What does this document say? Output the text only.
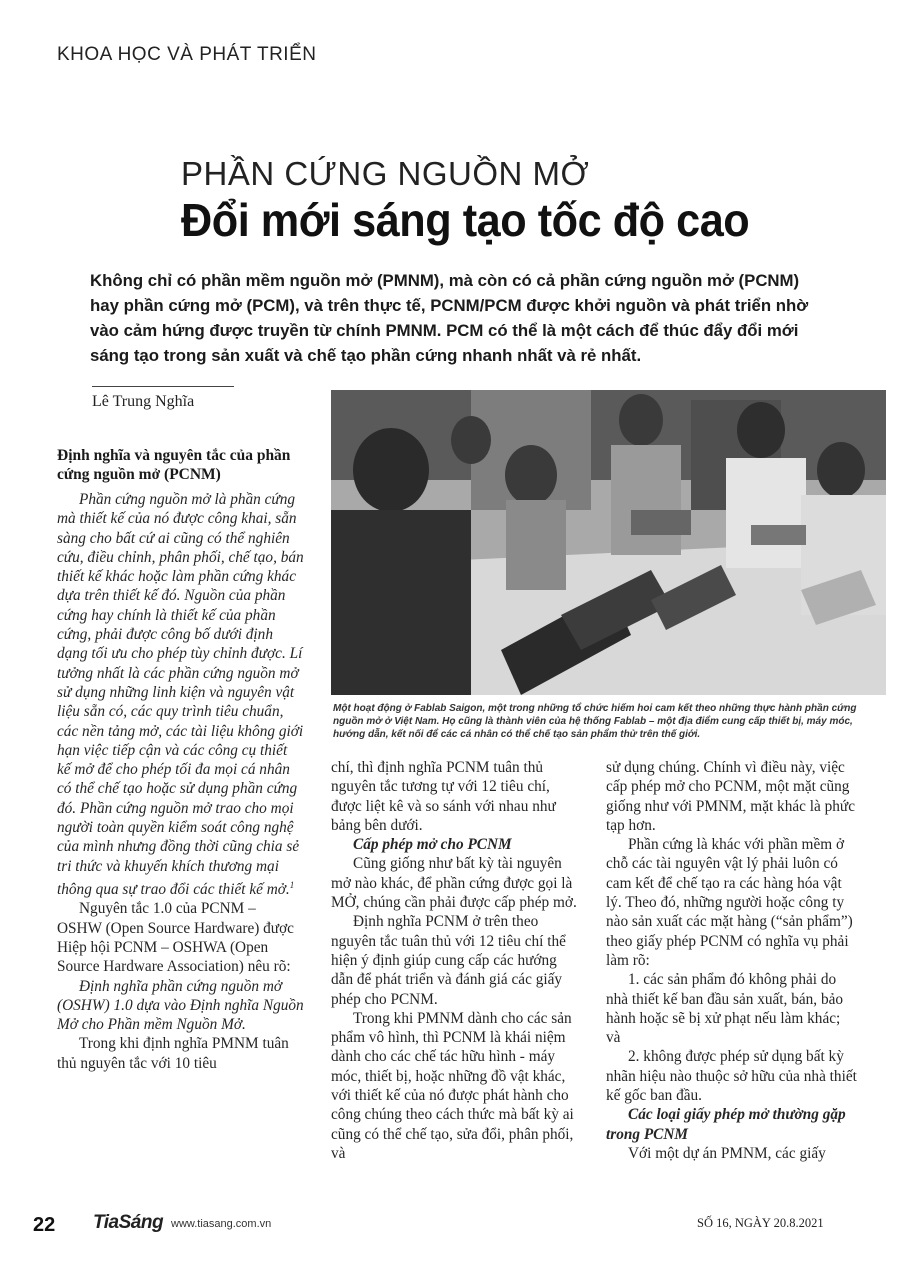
KHOA HỌC VÀ PHÁT TRIỂN
PHẦN CỨNG NGUỒN MỞ
Đổi mới sáng tạo tốc độ cao
Không chỉ có phần mềm nguồn mở (PMNM), mà còn có cả phần cứng nguồn mở (PCNM) hay phần cứng mở (PCM), và trên thực tế, PCNM/PCM được khởi nguồn và phát triển nhờ vào cảm hứng được truyền từ chính PMNM. PCM có thể là một cách để thúc đẩy đổi mới sáng tạo trong sản xuất và chế tạo phần cứng nhanh nhất và rẻ nhất.
Lê Trung Nghĩa
Một hoạt động ở Fablab Saigon, một trong những tổ chức hiếm hoi cam kết theo những thực hành phần cứng nguồn mở ở Việt Nam. Họ cũng là thành viên của hệ thống Fablab – một địa điểm cung cấp thiết bị, máy móc, hướng dẫn, kết nối để các cá nhân có thể chế tạo sản phẩm thử trên thế giới.
Định nghĩa và nguyên tắc của phần cứng nguồn mở (PCNM)

Phần cứng nguồn mở là phần cứng mà thiết kế của nó được công khai, sẵn sàng cho bất cứ ai cũng có thể nghiên cứu, điều chỉnh, phân phối, chế tạo, bán thiết kế khác hoặc làm phần cứng khác dựa trên thiết kế đó. Nguồn của phần cứng hay chính là thiết kế của phần cứng, phải được công bố dưới định dạng tối ưu cho phép tùy chỉnh được. Lí tưởng nhất là các phần cứng nguồn mở sử dụng những linh kiện và nguyên vật liệu sẵn có, các quy trình tiêu chuẩn, các nền tảng mở, các tài liệu không giới hạn việc tiếp cận và các công cụ thiết kế mở để cho phép tối đa mọi cá nhân có thể chế tạo hoặc sử dụng phần cứng đó. Phần cứng nguồn mở trao cho mọi người toàn quyền kiểm soát công nghệ của mình nhưng đồng thời cũng chia sẻ tri thức và khuyến khích thương mại thông qua sự trao đổi các thiết kế mở.$^1$

Nguyên tắc 1.0 của PCNM – OSHW (Open Source Hardware) được Hiệp hội PCNM – OSHWA (Open Source Hardware Association) nêu rõ:

Định nghĩa phần cứng nguồn mở (OSHW) 1.0 dựa vào Định nghĩa Nguồn Mở cho Phần mềm Nguồn Mở.

Trong khi định nghĩa PMNM tuân thủ nguyên tắc với 10 tiêu

chí, thì định nghĩa PCNM tuân thủ nguyên tắc tương tự với 12 tiêu chí, được liệt kê và so sánh với nhau như bảng bên dưới.

Cấp phép mở cho PCNM

Cũng giống như bất kỳ tài nguyên mở nào khác, để phần cứng được gọi là MỞ, chúng cần phải được cấp phép mở.

Định nghĩa PCNM ở trên theo nguyên tắc tuân thủ với 12 tiêu chí thể hiện ý định giúp cung cấp các hướng dẫn để phát triển và đánh giá các giấy phép cho PCNM.

Trong khi PMNM dành cho các sản phẩm vô hình, thì PCNM là khái niệm dành cho các chế tác hữu hình - máy móc, thiết bị, hoặc những đồ vật khác, với thiết kế của nó được phát hành cho công chúng theo cách thức mà bất kỳ ai cũng có thể chế tạo, sửa đổi, phân phối, và

sử dụng chúng. Chính vì điều này, việc cấp phép mở cho PCNM, một mặt cũng giống như với PMNM, mặt khác là phức tạp hơn.

Phần cứng là khác với phần mềm ở chỗ các tài nguyên vật lý phải luôn có cam kết để chế tạo ra các hàng hóa vật lý. Theo đó, những người hoặc công ty nào sản xuất các mặt hàng (“sản phẩm”) theo giấy phép PCNM có nghĩa vụ phải làm rõ:

1. các sản phẩm đó không phải do nhà thiết kế ban đầu sản xuất, bán, bảo hành hoặc sẽ bị xử phạt nếu làm khác; và

2. không được phép sử dụng bất kỳ nhãn hiệu nào thuộc sở hữu của nhà thiết kế gốc ban đầu.

Các loại giấy phép mở thường gặp trong PCNM

Với một dự án PMNM, các giấy

22 TiaSáng www.tiasang.com.vn	SỐ 16, NGÀY 20.8.2021
